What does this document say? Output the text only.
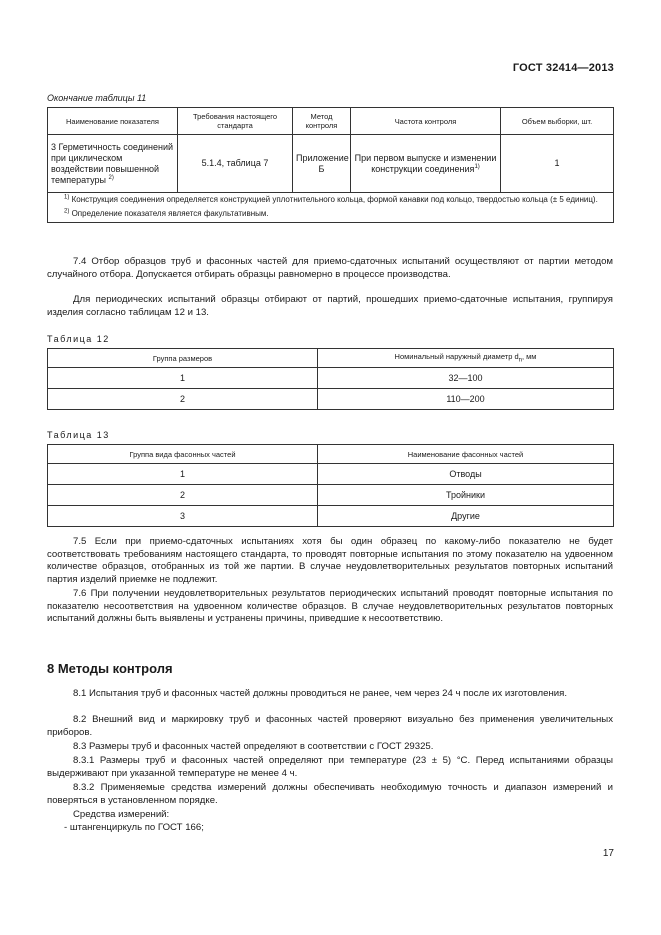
ГОСТ 32414—2013
Окончание таблицы 11
Наименование показателя	Требования настоящего стандарта	Метод контроля	Частота контроля	Объем выборки, шт.
3 Герметичность соединений при циклическом воздействии повышенной температуры $^{2)}$	5.1.4, таблица 7	Приложение Б	При первом выпуске и изменении конструкции соединения$^{1)}$	1

$^{1)}$ Конструкция соединения определяется конструкцией уплотнительного кольца, формой канавки под кольцо, твердостью кольца (± 5 единиц).
$^{2)}$ Определение показателя является факультативным.				

7.4 Отбор образцов труб и фасонных частей для приемо-сдаточных испытаний осуществляют от партии методом случайного отбора. Допускается отбирать образцы равномерно в процессе производства.

Для периодических испытаний образцы отбирают от партий, прошедших приемо-сдаточные испытания, группируя изделия согласно таблицам 12 и 13.

Таблица 12
Группа размеров	Номинальный наружный диаметр $d_n$, мм
1	32—100
2	110—200
Таблица 13
Группа вида фасонных частей	Наименование фасонных частей
1	Отводы
2	Тройники
3	Другие

7.5 Если при приемо-сдаточных испытаниях хотя бы один образец по какому-либо показателю не будет соответствовать требованиям настоящего стандарта, то проводят повторные испытания по этому показателю на удвоенном количестве образцов, отобранных из той же партии. В случае неудовлетворительных результатов повторных испытаний партия изделий приемке не подлежит.

7.6 При получении неудовлетворительных результатов периодических испытаний проводят повторные испытания по показателю несоответствия на удвоенном количестве образцов. В случае неудовлетворительных результатов повторных испытаний должны быть выявлены и устранены причины, приведшие к несоответствию.

8 Методы контроля

8.1 Испытания труб и фасонных частей должны проводиться не ранее, чем через 24 ч после их изготовления.

8.2 Внешний вид и маркировку труб и фасонных частей проверяют визуально без применения увеличительных приборов.

8.3 Размеры труб и фасонных частей определяют в соответствии с ГОСТ 29325.

8.3.1 Размеры труб и фасонных частей определяют при температуре (23 ± 5) °С. Перед испытаниями образцы выдерживают при указанной температуре не менее 4 ч.

8.3.2 Применяемые средства измерений должны обеспечивать необходимую точность и диапазон измерений и поверяться в установленном порядке.

Средства измерений:

- штангенциркуль по ГОСТ 166;

17
